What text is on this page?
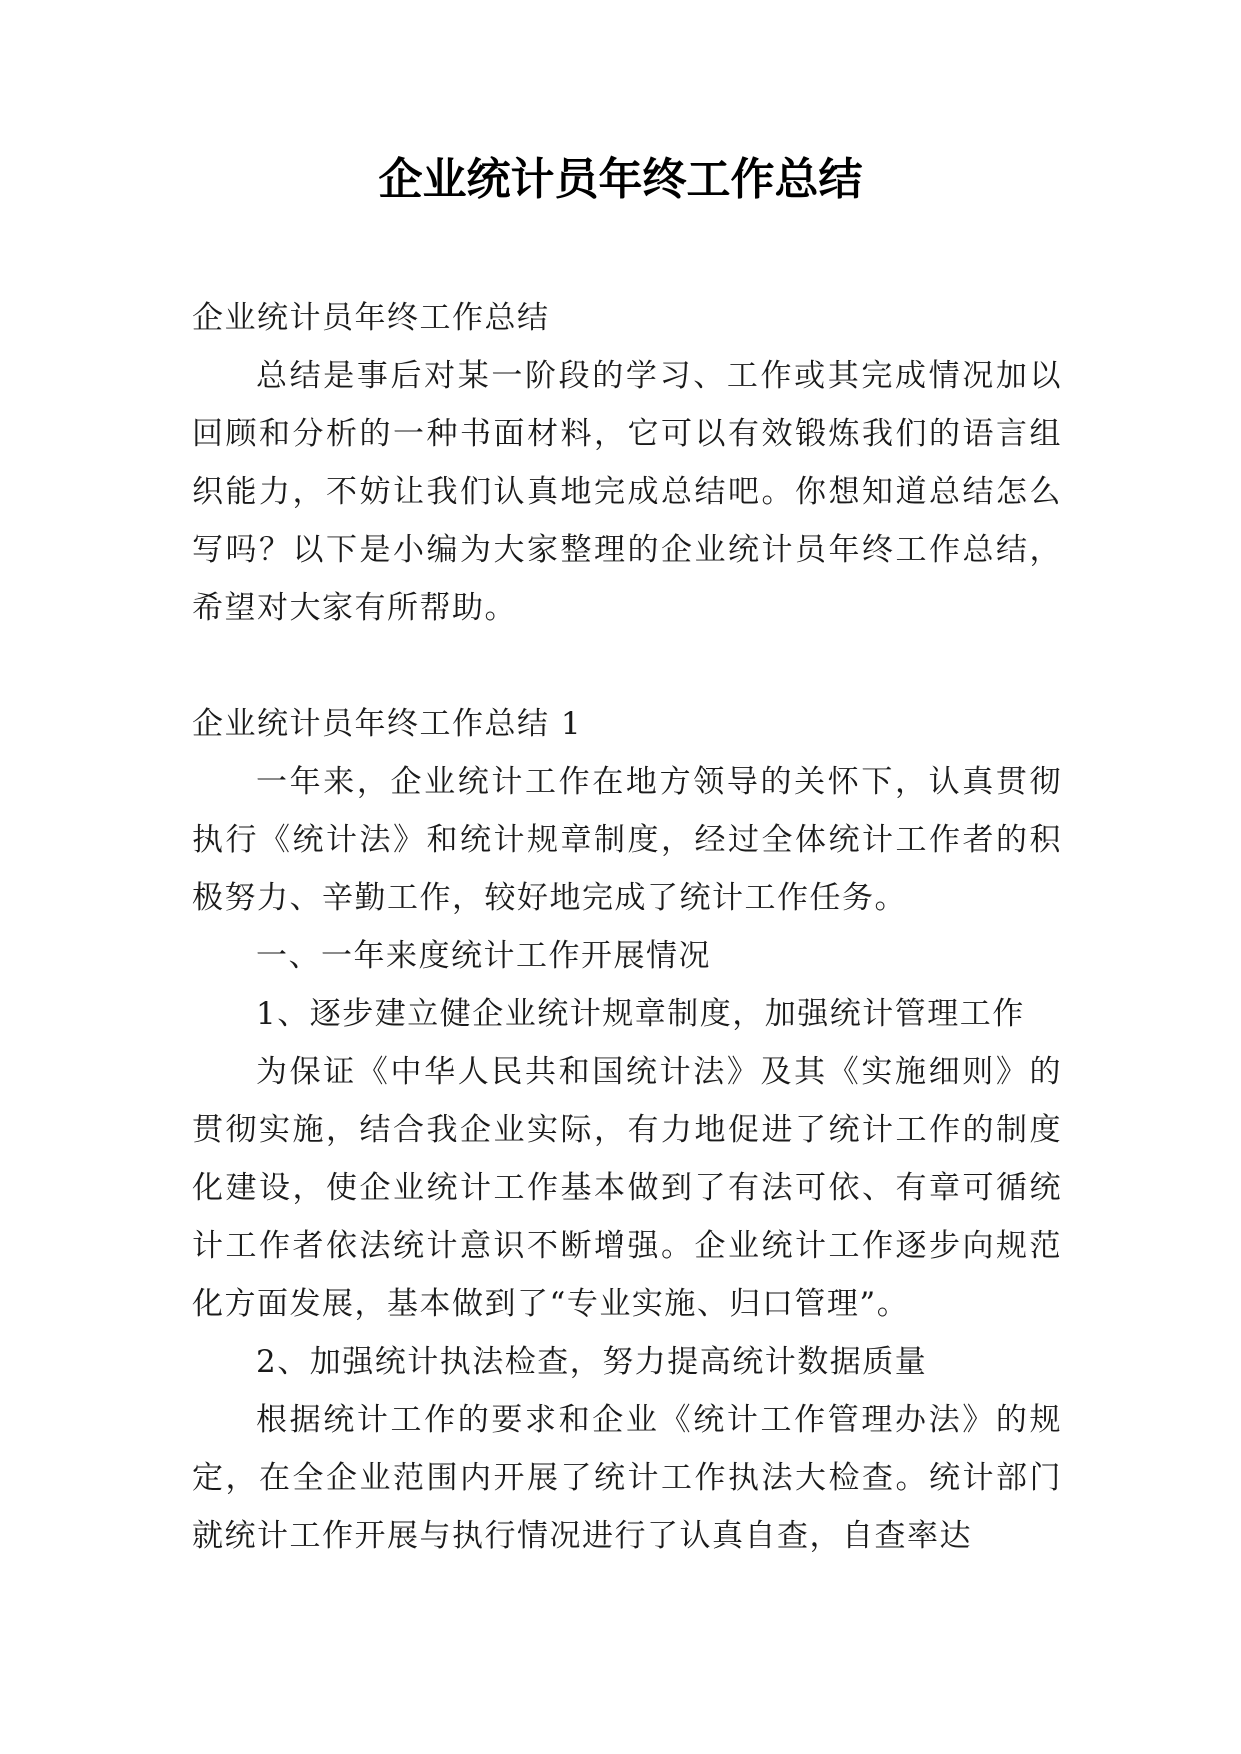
企业统计员年终工作总结

企业统计员年终工作总结

总结是事后对某一阶段的学习、工作或其完成情况加以回顾和分析的一种书面材料，它可以有效锻炼我们的语言组织能力，不妨让我们认真地完成总结吧。你想知道总结怎么写吗？以下是小编为大家整理的企业统计员年终工作总结，希望对大家有所帮助。

企业统计员年终工作总结 1

一年来，企业统计工作在地方领导的关怀下，认真贯彻执行《统计法》和统计规章制度，经过全体统计工作者的积极努力、辛勤工作，较好地完成了统计工作任务。

一、一年来度统计工作开展情况

1、逐步建立健企业统计规章制度，加强统计管理工作

为保证《中华人民共和国统计法》及其《实施细则》的贯彻实施，结合我企业实际，有力地促进了统计工作的制度化建设，使企业统计工作基本做到了有法可依、有章可循统计工作者依法统计意识不断增强。企业统计工作逐步向规范化方面发展，基本做到了“专业实施、归口管理”。

2、加强统计执法检查，努力提高统计数据质量

根据统计工作的要求和企业《统计工作管理办法》的规定，在全企业范围内开展了统计工作执法大检查。统计部门就统计工作开展与执行情况进行了认真自查，自查率达
